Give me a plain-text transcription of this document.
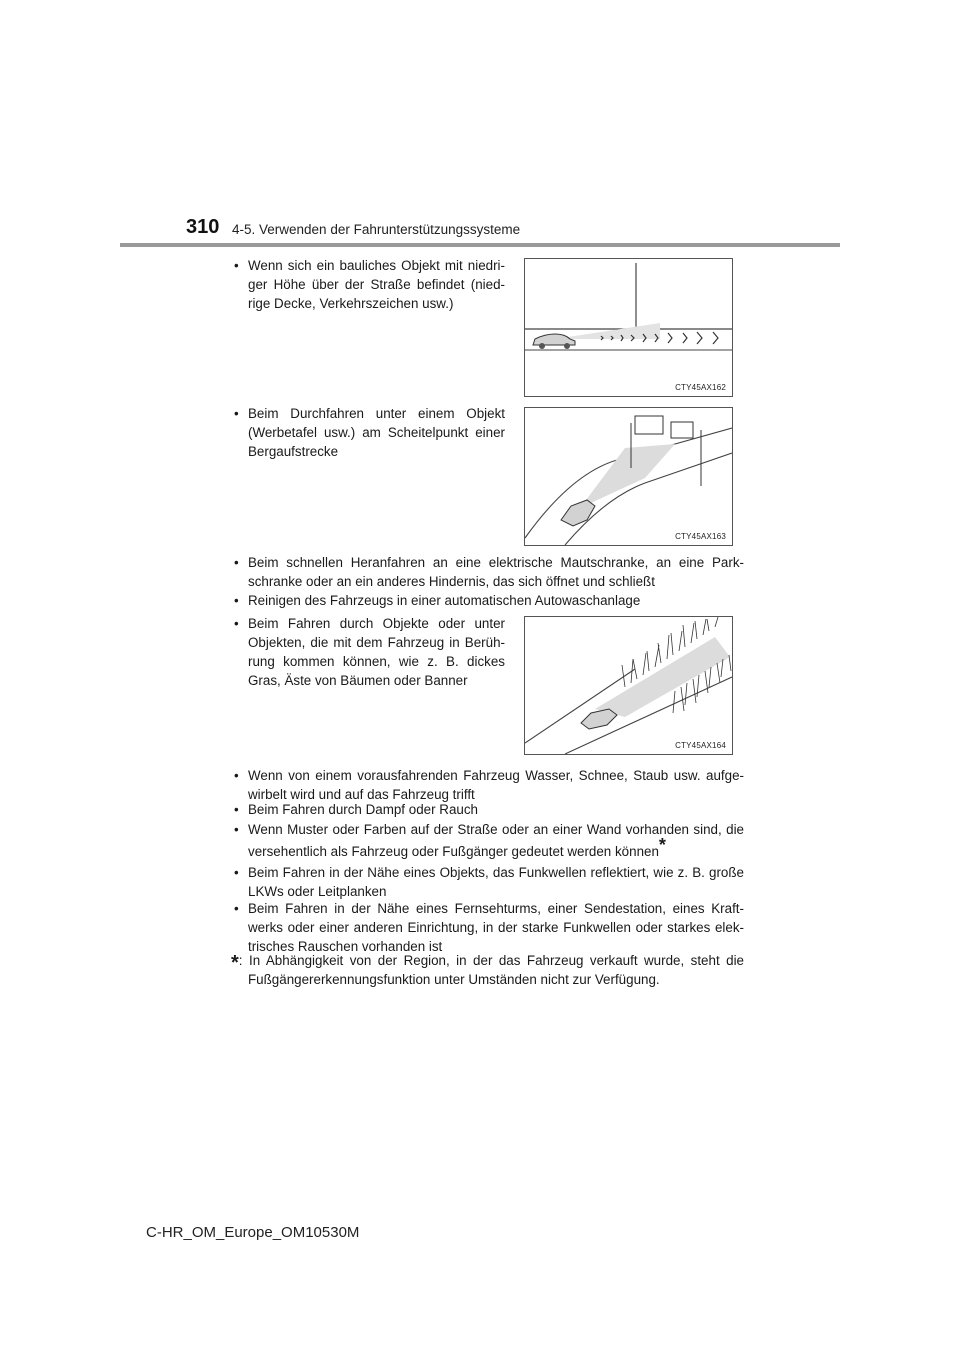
310 4-5. Verwenden der Fahrunterstützungssysteme
• Wenn sich ein bauliches Objekt mit niedri-ger Höhe über der Straße befindet (nied-rige Decke, Verkehrszeichen usw.)
CTY45AX162
• Beim Durchfahren unter einem Objekt (Werbetafel usw.) am Scheitelpunkt einer Bergaufstrecke
CTY45AX163
• Beim schnellen Heranfahren an eine elektrische Mautschranke, an eine Park-schranke oder an ein anderes Hindernis, das sich öffnet und schließt
• Reinigen des Fahrzeugs in einer automatischen Autowaschanlage
• Beim Fahren durch Objekte oder unter Objekten, die mit dem Fahrzeug in Berüh-rung kommen können, wie z. B. dickes Gras, Äste von Bäumen oder Banner
CTY45AX164
• Wenn von einem vorausfahrenden Fahrzeug Wasser, Schnee, Staub usw. aufge-wirbelt wird und auf das Fahrzeug trifft
• Beim Fahren durch Dampf oder Rauch
• Wenn Muster oder Farben auf der Straße oder an einer Wand vorhanden sind, die versehentlich als Fahrzeug oder Fußgänger gedeutet werden können*
• Beim Fahren in der Nähe eines Objekts, das Funkwellen reflektiert, wie z. B. große LKWs oder Leitplanken
• Beim Fahren in der Nähe eines Fernsehturms, einer Sendestation, eines Kraft-werks oder einer anderen Einrichtung, in der starke Funkwellen oder starkes elek-trisches Rauschen vorhanden ist
*: In Abhängigkeit von der Region, in der das Fahrzeug verkauft wurde, steht die Fußgängererkennungsfunktion unter Umständen nicht zur Verfügung.
C-HR_OM_Europe_OM10530M
